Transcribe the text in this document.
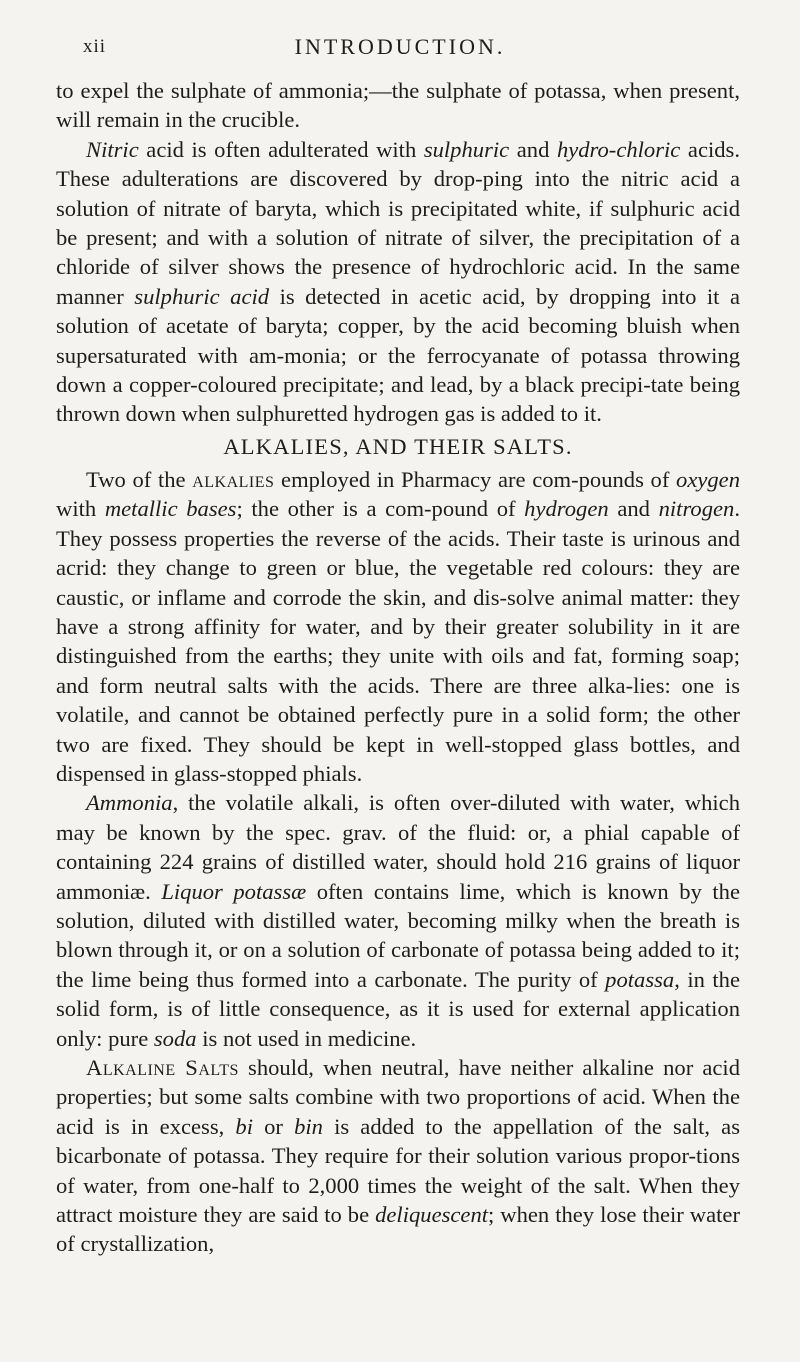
xii	INTRODUCTION.

to expel the sulphate of ammonia;—the sulphate of potassa, when present, will remain in the crucible.

Nitric acid is often adulterated with sulphuric and hydro-chloric acids. These adulterations are discovered by drop-ping into the nitric acid a solution of nitrate of baryta, which is precipitated white, if sulphuric acid be present; and with a solution of nitrate of silver, the precipitation of a chloride of silver shows the presence of hydrochloric acid. In the same manner sulphuric acid is detected in acetic acid, by dropping into it a solution of acetate of baryta; copper, by the acid becoming bluish when supersaturated with am-monia; or the ferrocyanate of potassa throwing down a copper-coloured precipitate; and lead, by a black precipi-tate being thrown down when sulphuretted hydrogen gas is added to it.

ALKALIES, AND THEIR SALTS.

Two of the alkalies employed in Pharmacy are com-pounds of oxygen with metallic bases; the other is a com-pound of hydrogen and nitrogen. They possess properties the reverse of the acids. Their taste is urinous and acrid: they change to green or blue, the vegetable red colours: they are caustic, or inflame and corrode the skin, and dis-solve animal matter: they have a strong affinity for water, and by their greater solubility in it are distinguished from the earths; they unite with oils and fat, forming soap; and form neutral salts with the acids. There are three alka-lies: one is volatile, and cannot be obtained perfectly pure in a solid form; the other two are fixed. They should be kept in well-stopped glass bottles, and dispensed in glass-stopped phials.

Ammonia, the volatile alkali, is often over-diluted with water, which may be known by the spec. grav. of the fluid: or, a phial capable of containing 224 grains of distilled water, should hold 216 grains of liquor ammoniæ. Liquor potassæ often contains lime, which is known by the solution, diluted with distilled water, becoming milky when the breath is blown through it, or on a solution of carbonate of potassa being added to it; the lime being thus formed into a carbonate. The purity of potassa, in the solid form, is of little consequence, as it is used for external application only: pure soda is not used in medicine.

Alkaline Salts should, when neutral, have neither alkaline nor acid properties; but some salts combine with two proportions of acid. When the acid is in excess, bi or bin is added to the appellation of the salt, as bicarbonate of potassa. They require for their solution various propor-tions of water, from one-half to 2,000 times the weight of the salt. When they attract moisture they are said to be deliquescent; when they lose their water of crystallization,
